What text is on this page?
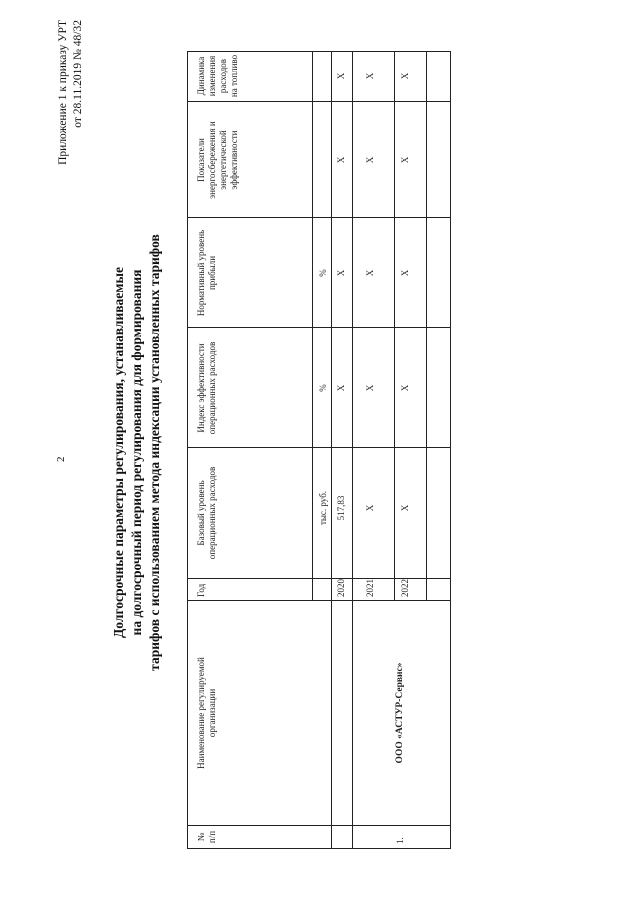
2
Приложение 1 к приказу УРТ от 28.11.2019 № 48/32
Долгосрочные параметры регулирования, устанавливаемые на долгосрочный период регулирования для формирования тарифов с использованием метода индексации установленных тарифов
№ п/п
Наименование регулируемой организации
Год
Базовый уровень операционных расходов
Индекс эффективности операционных расходов
Нормативный уровень прибыли
Показатели энергосбережения и энергетической эффективности
Динамика изменения расходов на топливо
тыс. руб.
%
%
1.
ООО «АСТУР-Сервис»
2020
517,83
X
X
X
X
2021
X
X
X
X
X
2022
X
X
X
X
X
